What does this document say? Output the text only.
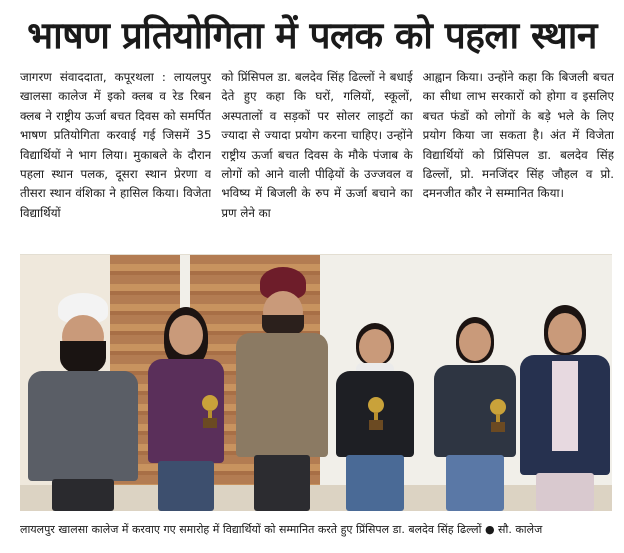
भाषण प्रतियोगिता में पलक को पहला स्थान
जागरण संवाददाता, कपूरथला : लायलपुर खालसा कालेज में इको क्लब व रेड रिबन क्लब ने राष्ट्रीय ऊर्जा बचत दिवस को समर्पित भाषण प्रतियोगिता करवाई गई जिसमें 35 विद्यार्थियों ने भाग लिया। मुकाबले के दौरान पहला स्थान पलक, दूसरा स्थान प्रेरणा व तीसरा स्थान वंशिका ने हासिल किया। विजेता विद्यार्थियों
को प्रिंसिपल डा. बलदेव सिंह ढिल्लों ने बधाई देते हुए कहा कि घरों, गलियों, स्कूलों, अस्पतालों व सड़कों पर सोलर लाइटों का ज्यादा से ज्यादा प्रयोग करना चाहिए। उन्होंने राष्ट्रीय ऊर्जा बचत दिवस के मौके पंजाब के लोगों को आने वाली पीढ़ियों के उज्जवल व भविष्य में बिजली के रुप में ऊर्जा बचाने का प्रण लेने का
आह्वान किया। उन्होंने कहा कि बिजली बचत का सीधा लाभ सरकारों को होगा व इसलिए बचत फंडों को लोगों के बड़े भले के लिए प्रयोग किया जा सकता है। अंत में विजेता विद्यार्थियों को प्रिंसिपल डा. बलदेव सिंह ढिल्लों, प्रो. मनजिंदर सिंह जौहल व प्रो. दमनजीत कौर ने सम्मानित किया।
लायलपुर खालसा कालेज में करवाए गए समारोह में विद्यार्थियों को सम्मानित करते हुए प्रिंसिपल डा. बलदेव सिंह ढिल्लों ● सौ. कालेज
